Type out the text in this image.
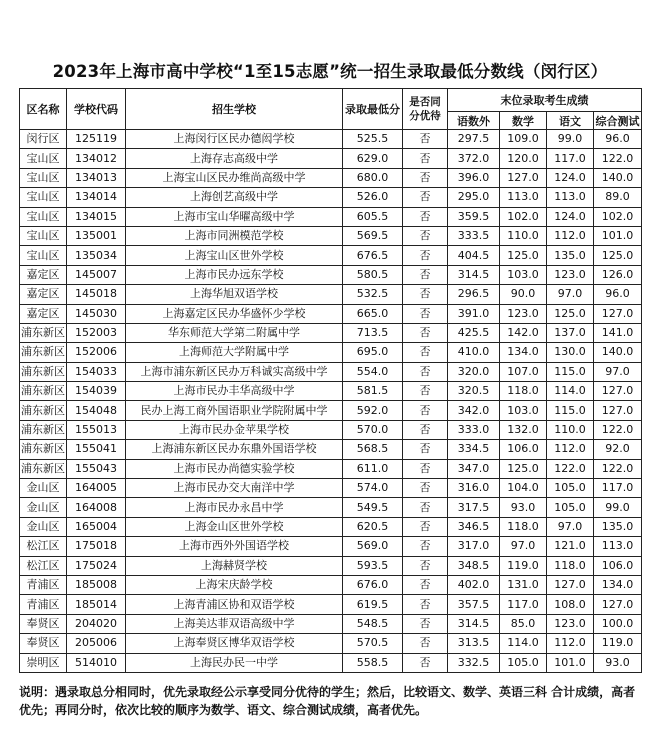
2023年上海市高中学校“1至15志愿”统一招生录取最低分数线（闵行区）
区名称	学校代码	招生学校	录取最低分	是否同
分优待	末位录取考生成绩			
					语数外	数学	语文	综合测试
闵行区	125119	上海闵行区民办德闳学校	525.5	否	297.5	109.0	99.0	96.0
宝山区	134012	上海存志高级中学	629.0	否	372.0	120.0	117.0	122.0
宝山区	134013	上海宝山区民办维尚高级中学	680.0	否	396.0	127.0	124.0	140.0
宝山区	134014	上海创艺高级中学	526.0	否	295.0	113.0	113.0	89.0
宝山区	134015	上海市宝山华曜高级中学	605.5	否	359.5	102.0	124.0	102.0
宝山区	135001	上海市同洲模范学校	569.5	否	333.5	110.0	112.0	101.0
宝山区	135034	上海宝山区世外学校	676.5	否	404.5	125.0	135.0	125.0
嘉定区	145007	上海市民办远东学校	580.5	否	314.5	103.0	123.0	126.0
嘉定区	145018	上海华旭双语学校	532.5	否	296.5	90.0	97.0	96.0
嘉定区	145030	上海嘉定区民办华盛怀少学校	665.0	否	391.0	123.0	125.0	127.0
浦东新区	152003	华东师范大学第二附属中学	713.5	否	425.5	142.0	137.0	141.0
浦东新区	152006	上海师范大学附属中学	695.0	否	410.0	134.0	130.0	140.0
浦东新区	154033	上海市浦东新区民办万科诚实高级中学	554.0	否	320.0	107.0	115.0	97.0
浦东新区	154039	上海市民办丰华高级中学	581.5	否	320.5	118.0	114.0	127.0
浦东新区	154048	民办上海工商外国语职业学院附属中学	592.0	否	342.0	103.0	115.0	127.0
浦东新区	155013	上海市民办金苹果学校	570.0	否	333.0	132.0	110.0	122.0
浦东新区	155041	上海浦东新区民办东鼎外国语学校	568.5	否	334.5	106.0	112.0	92.0
浦东新区	155043	上海市民办尚德实验学校	611.0	否	347.0	125.0	122.0	122.0
金山区	164005	上海市民办交大南洋中学	574.0	否	316.0	104.0	105.0	117.0
金山区	164008	上海市民办永昌中学	549.5	否	317.5	93.0	105.0	99.0
金山区	165004	上海金山区世外学校	620.5	否	346.5	118.0	97.0	135.0
松江区	175018	上海市西外外国语学校	569.0	否	317.0	97.0	121.0	113.0
松江区	175024	上海赫贤学校	593.5	否	348.5	119.0	118.0	106.0
青浦区	185008	上海宋庆龄学校	676.0	否	402.0	131.0	127.0	134.0
青浦区	185014	上海青浦区协和双语学校	619.5	否	357.5	117.0	108.0	127.0
奉贤区	204020	上海美达菲双语高级中学	548.5	否	314.5	85.0	123.0	100.0
奉贤区	205006	上海奉贤区博华双语学校	570.5	否	313.5	114.0	112.0	119.0
崇明区	514010	上海民办民一中学	558.5	否	332.5	105.0	101.0	93.0
说明：遇录取总分相同时，优先录取经公示享受同分优待的学生；然后，比较语文、数学、英语三科 合计成绩，高者优先；再同分时，依次比较的顺序为数学、语文、综合测试成绩，高者优先。
